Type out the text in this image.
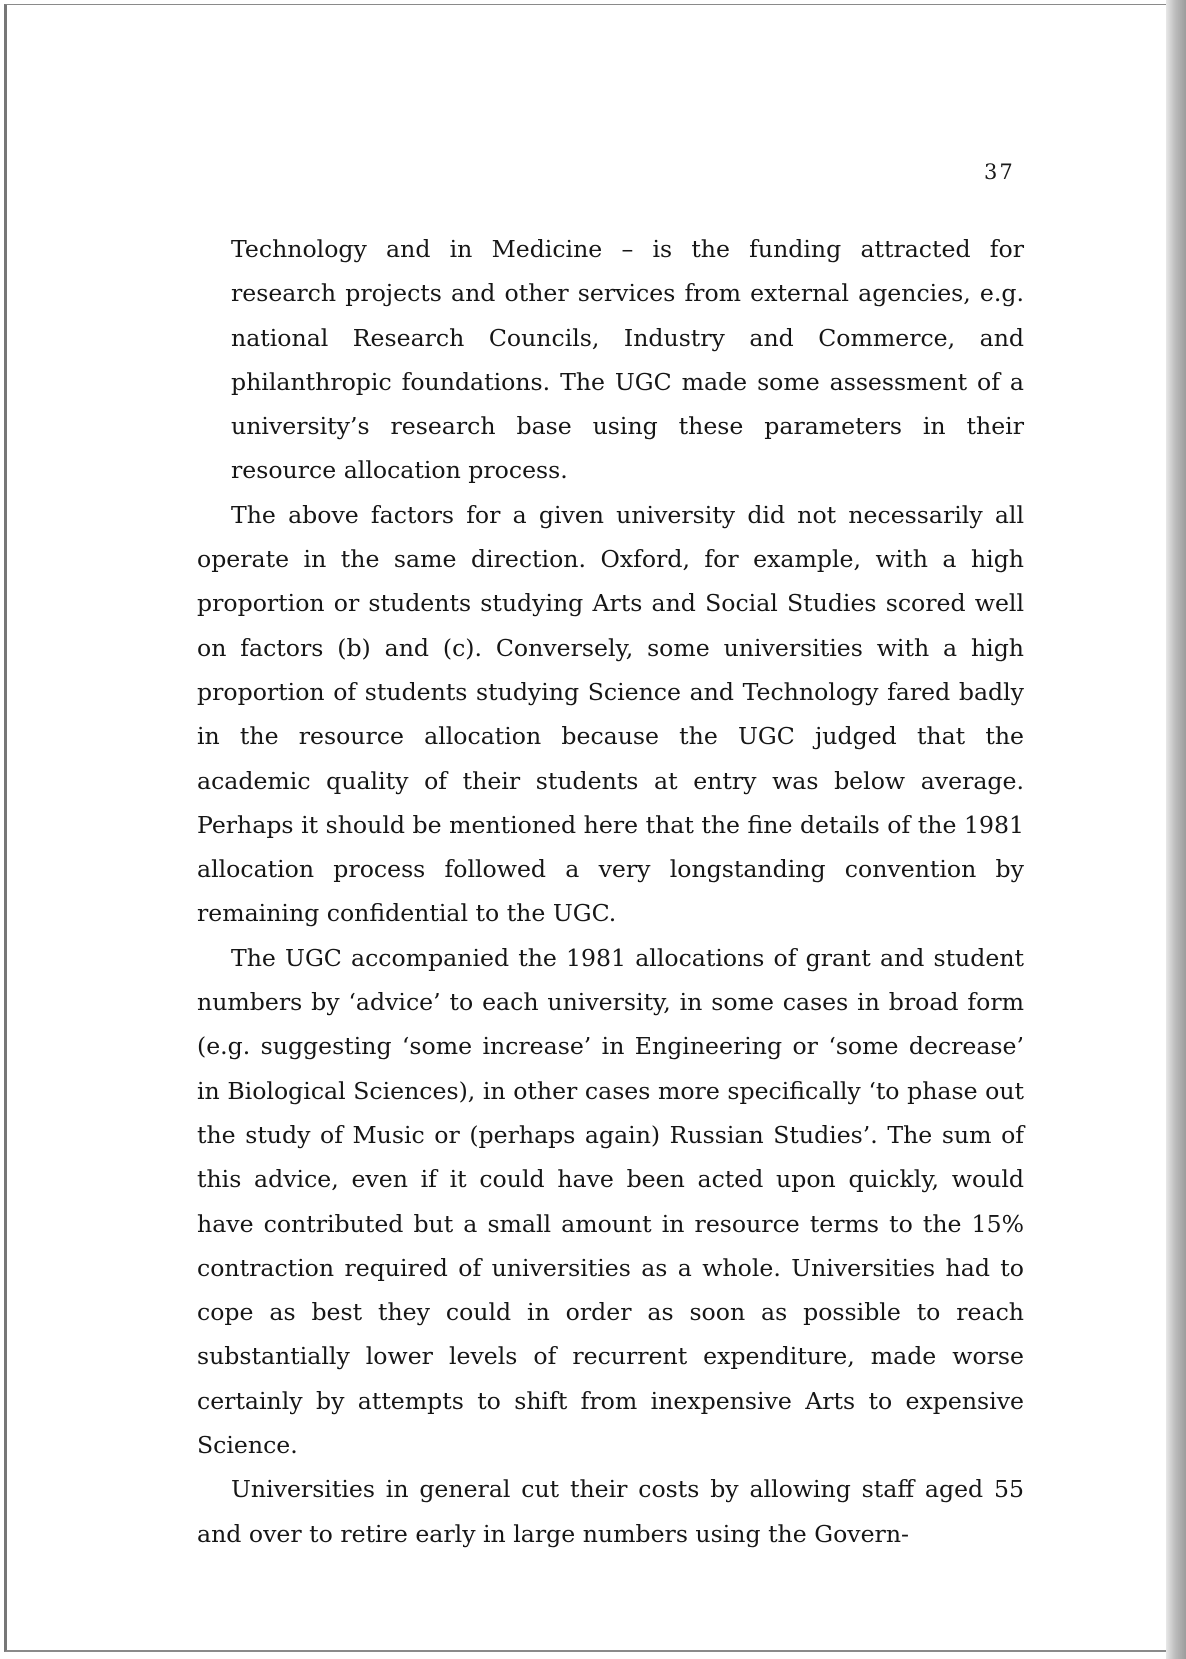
37

Technology and in Medicine – is the funding attracted for research projects and other services from external agencies, e.g. national Research Councils, Industry and Commerce, and philanthropic foundations. The UGC made some assessment of a university’s research base using these parameters in their resource allocation process.

The above factors for a given university did not necessarily all operate in the same direction. Oxford, for example, with a high proportion or students studying Arts and Social Studies scored well on factors (b) and (c). Conversely, some universities with a high proportion of students studying Science and Technology fared badly in the resource allocation because the UGC judged that the academic quality of their students at entry was below average. Perhaps it should be mentioned here that the fine details of the 1981 allocation process followed a very longstanding convention by remaining confidential to the UGC.

The UGC accompanied the 1981 allocations of grant and student numbers by ‘advice’ to each university, in some cases in broad form (e.g. suggesting ‘some increase’ in Engineering or ‘some decrease’ in Biological Sciences), in other cases more specifically ‘to phase out the study of Music or (perhaps again) Russian Studies’. The sum of this advice, even if it could have been acted upon quickly, would have contributed but a small amount in resource terms to the 15% contraction required of universities as a whole. Universities had to cope as best they could in order as soon as possible to reach substantially lower levels of recurrent expenditure, made worse certainly by attempts to shift from inexpensive Arts to expensive Science.

Universities in general cut their costs by allowing staff aged 55 and over to retire early in large numbers using the Govern-
